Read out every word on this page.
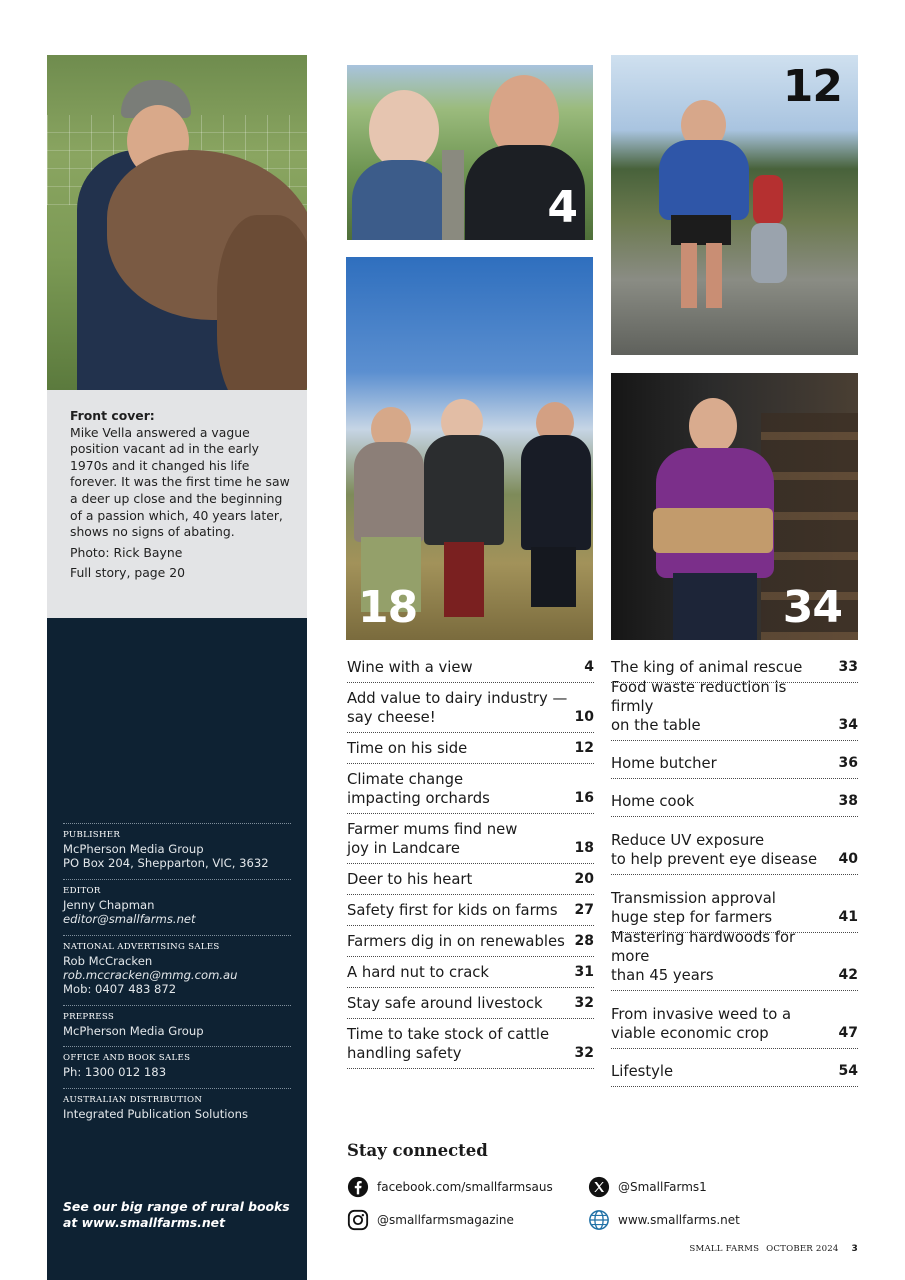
Front cover:
Mike Vella answered a vague position vacant ad in the early 1970s and it changed his life forever. It was the first time he saw a deer up close and the beginning of a passion which, 40 years later, shows no signs of abating.
Photo: Rick Bayne
Full story, page 20
PUBLISHER
McPherson Media Group
PO Box 204, Shepparton, VIC, 3632
EDITOR
Jenny Chapman
editor@smallfarms.net
NATIONAL ADVERTISING SALES
Rob McCracken
rob.mccracken@mmg.com.au
Mob: 0407 483 872
PREPRESS
McPherson Media Group
OFFICE AND BOOK SALES
Ph: 1300 012 183
AUSTRALIAN DISTRIBUTION
Integrated Publication Solutions
See our big range of rural books at www.smallfarms.net
4
12
18	34
Wine with a view	4
Add value to dairy industry —
say cheese!	10
Time on his side	12
Climate change
impacting orchards	16
Farmer mums find new
joy in Landcare	18
Deer to his heart	20
Safety first for kids on farms	27
Farmers dig in on renewables 28
A hard nut to crack	31
Stay safe around livestock	32
Time to take stock of cattle
handling safety	32
The king of animal rescue	33
Food waste reduction is firmly
on the table	34
Home butcher	36
Home cook	38
Reduce UV exposure
to help prevent eye disease	40
Transmission approval
huge step for farmers	41
Mastering hardwoods for more
than 45 years	42
From invasive weed to a
viable economic crop	47
Lifestyle	54
Stay connected
facebook.com/smallfarmsaus	@SmallFarms1
@smallfarmsmagazine	www.smallfarms.net
SMALL FARMS OCTOBER 2024 3
